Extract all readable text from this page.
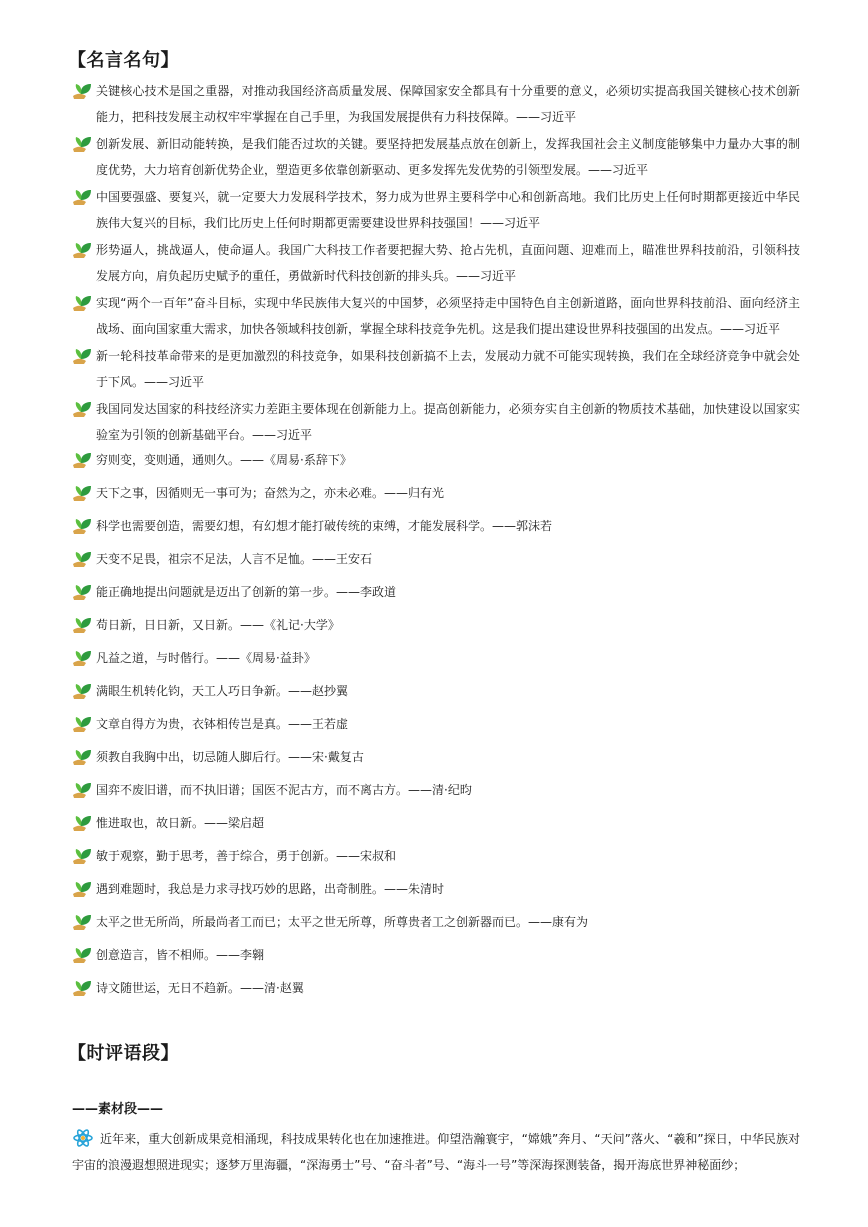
【名言名句】
关键核心技术是国之重器，对推动我国经济高质量发展、保障国家安全都具有十分重要的意义，必须切实提高我国关键核心技术创新能力，把科技发展主动权牢牢掌握在自己手里，为我国发展提供有力科技保障。——习近平
创新发展、新旧动能转换，是我们能否过坎的关键。要坚持把发展基点放在创新上，发挥我国社会主义制度能够集中力量办大事的制度优势，大力培育创新优势企业，塑造更多依靠创新驱动、更多发挥先发优势的引领型发展。——习近平
中国要强盛、要复兴，就一定要大力发展科学技术，努力成为世界主要科学中心和创新高地。我们比历史上任何时期都更接近中华民族伟大复兴的目标，我们比历史上任何时期都更需要建设世界科技强国！——习近平
形势逼人，挑战逼人，使命逼人。我国广大科技工作者要把握大势、抢占先机，直面问题、迎难而上，瞄准世界科技前沿，引领科技发展方向，肩负起历史赋予的重任，勇做新时代科技创新的排头兵。——习近平
实现“两个一百年”奋斗目标，实现中华民族伟大复兴的中国梦，必须坚持走中国特色自主创新道路，面向世界科技前沿、面向经济主战场、面向国家重大需求，加快各领域科技创新，掌握全球科技竞争先机。这是我们提出建设世界科技强国的出发点。——习近平
新一轮科技革命带来的是更加激烈的科技竞争，如果科技创新搞不上去，发展动力就不可能实现转换，我们在全球经济竞争中就会处于下风。——习近平
我国同发达国家的科技经济实力差距主要体现在创新能力上。提高创新能力，必须夯实自主创新的物质技术基础，加快建设以国家实验室为引领的创新基础平台。——习近平
穷则变，变则通，通则久。——《周易·系辞下》
天下之事，因循则无一事可为；奋然为之，亦未必难。——归有光
科学也需要创造，需要幻想，有幻想才能打破传统的束缚，才能发展科学。——郭沫若
天变不足畏，祖宗不足法，人言不足恤。——王安石
能正确地提出问题就是迈出了创新的第一步。——李政道
苟日新，日日新，又日新。——《礼记·大学》
凡益之道，与时偕行。——《周易·益卦》
满眼生机转化钧，天工人巧日争新。——赵抄翼
文章自得方为贵，衣钵相传岂是真。——王若虚
须教自我胸中出，切忌随人脚后行。——宋·戴复古
国弈不废旧谱，而不执旧谱；国医不泥古方，而不离古方。——清·纪昀
惟进取也，故日新。——梁启超
敏于观察，勤于思考，善于综合，勇于创新。——宋叔和
遇到难题时，我总是力求寻找巧妙的思路，出奇制胜。——朱清时
太平之世无所尚，所最尚者工而已；太平之世无所尊，所尊贵者工之创新器而已。——康有为
创意造言，皆不相师。——李翱
诗文随世运，无日不趋新。——清·赵翼
【时评语段】
——素材段——
近年来，重大创新成果竞相涌现，科技成果转化也在加速推进。仰望浩瀚寰宇，“嫦娥”奔月、“天问”落火、“羲和”探日，中华民族对宇宙的浪漫遐想照进现实；逐梦万里海疆，“深海勇士”号、“奋斗者”号、“海斗一号”等深海探测装备，揭开海底世界神秘面纱；
